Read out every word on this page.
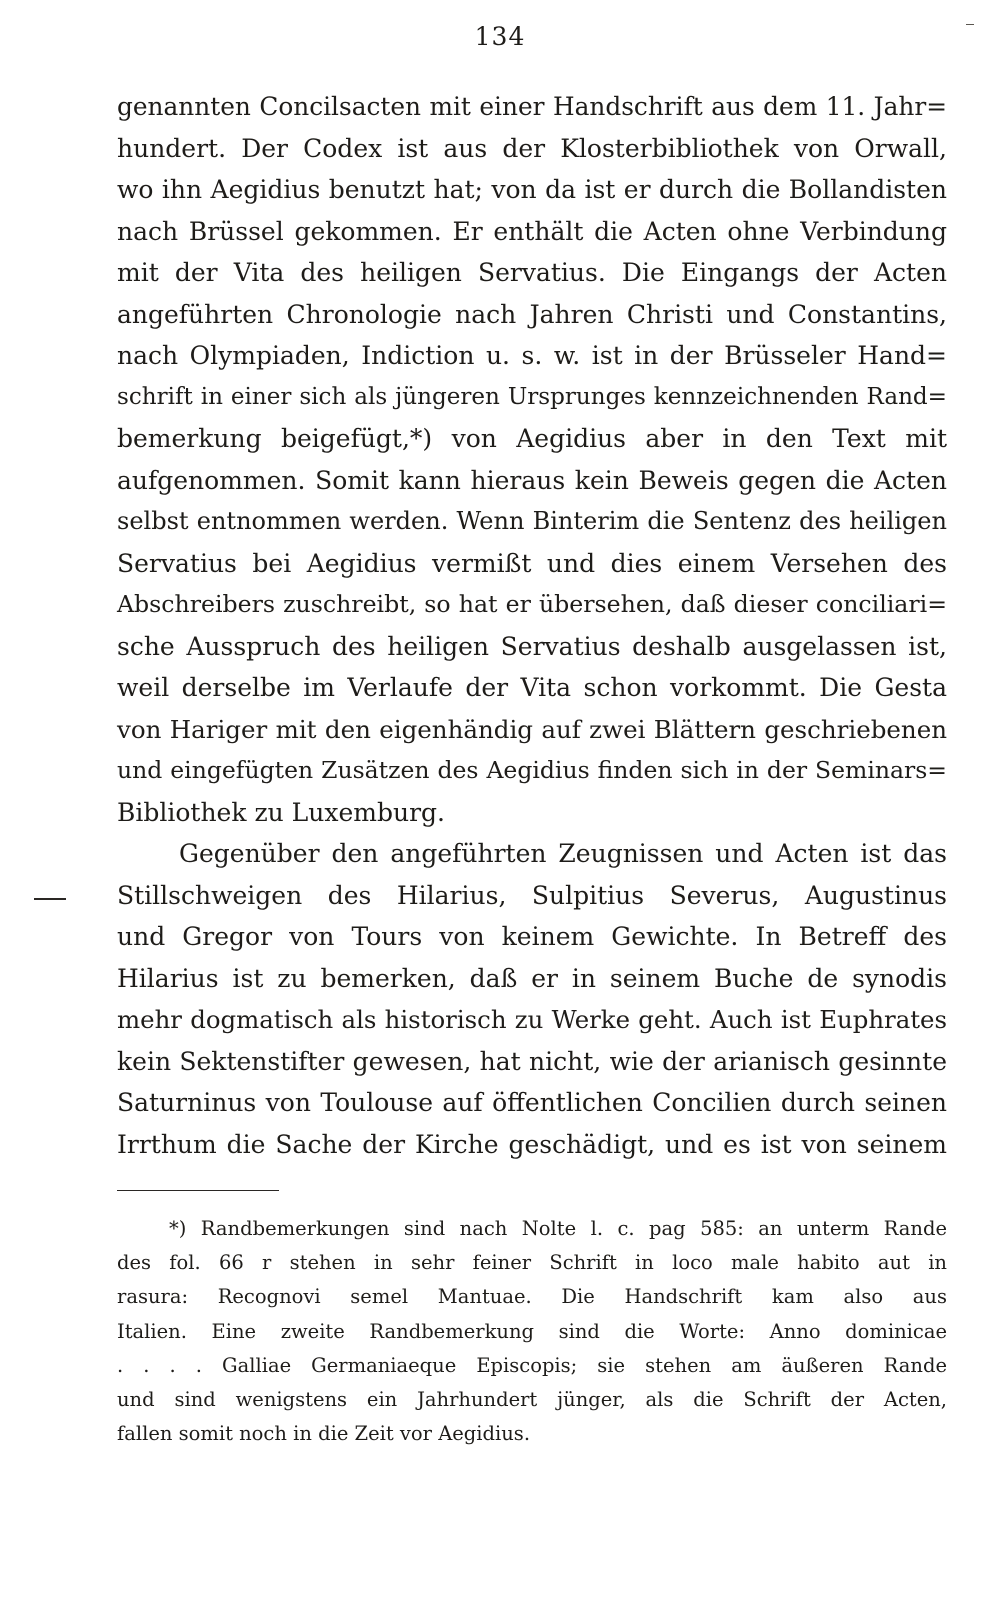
134
genannten Concilsacten mit einer Handschrift aus dem 11. Jahr=
hundert. Der Codex ist aus der Klosterbibliothek von Orwall,
wo ihn Aegidius benutzt hat; von da ist er durch die Bollandisten
nach Brüssel gekommen. Er enthält die Acten ohne Verbindung
mit der Vita des heiligen Servatius. Die Eingangs der Acten
angeführten Chronologie nach Jahren Christi und Constantins,
nach Olympiaden, Indiction u. s. w. ist in der Brüsseler Hand=
schrift in einer sich als jüngeren Ursprunges kennzeichnenden Rand=
bemerkung beigefügt,*) von Aegidius aber in den Text mit
aufgenommen. Somit kann hieraus kein Beweis gegen die Acten
selbst entnommen werden. Wenn Binterim die Sentenz des heiligen
Servatius bei Aegidius vermißt und dies einem Versehen des
Abschreibers zuschreibt, so hat er übersehen, daß dieser conciliari=
sche Ausspruch des heiligen Servatius deshalb ausgelassen ist,
weil derselbe im Verlaufe der Vita schon vorkommt. Die Gesta
von Hariger mit den eigenhändig auf zwei Blättern geschriebenen
und eingefügten Zusätzen des Aegidius finden sich in der Seminars=
Bibliothek zu Luxemburg.
Gegenüber den angeführten Zeugnissen und Acten ist das
Stillschweigen des Hilarius, Sulpitius Severus, Augustinus
und Gregor von Tours von keinem Gewichte. In Betreff des
Hilarius ist zu bemerken, daß er in seinem Buche de synodis
mehr dogmatisch als historisch zu Werke geht. Auch ist Euphrates
kein Sektenstifter gewesen, hat nicht, wie der arianisch gesinnte
Saturninus von Toulouse auf öffentlichen Concilien durch seinen
Irrthum die Sache der Kirche geschädigt, und es ist von seinem
*) Randbemerkungen sind nach Nolte l. c. pag 585: an unterm Rande
des fol. 66 r stehen in sehr feiner Schrift in loco male habito aut in
rasura: Recognovi semel Mantuae. Die Handschrift kam also aus
Italien. Eine zweite Randbemerkung sind die Worte: Anno dominicae
. . . . Galliae Germaniaeque Episcopis; sie stehen am äußeren Rande
und sind wenigstens ein Jahrhundert jünger, als die Schrift der Acten,
fallen somit noch in die Zeit vor Aegidius.
